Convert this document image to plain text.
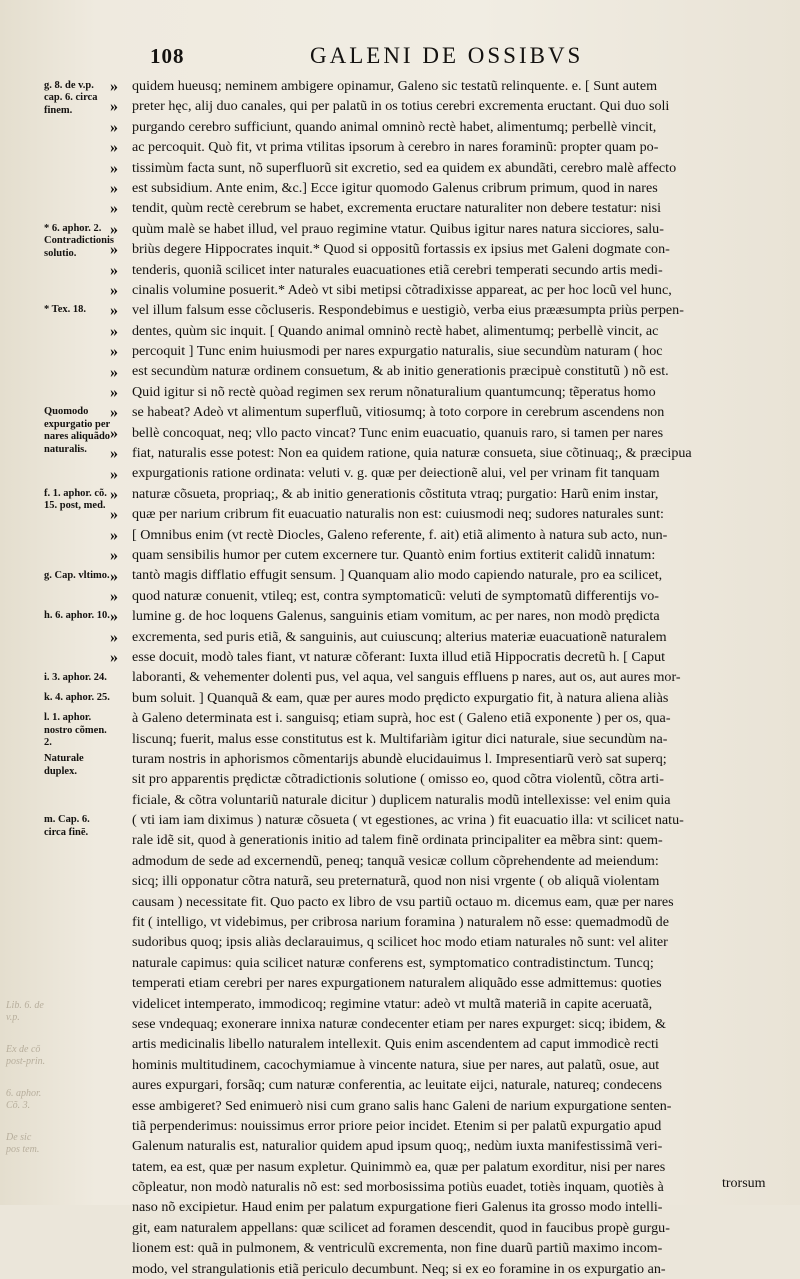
108	GALENI DE OSSIBVS
g. 8. de v.p. cap. 6. circa finem.
* 6. aphor. 2. Contradictionis solutio.
* Tex. 18.
Quomodo expurgatio per nares aliquãdo naturalis.
f. 1. aphor. cõ. 15. post, med.
g. Cap. vltimo.
h. 6. aphor. 10.
i. 3. aphor. 24.
k. 4. aphor. 25.
l. 1. aphor. nostro cõmen. 2.
Naturale duplex.
m. Cap. 6. circa finē.
»
»
»
»
»
»
»
»
»
»
»
»
»
»
»
»
»
»
»
»
»
»
»
»
»
»
»
»
»
quidem hueusq; neminem ambigere opinamur, Galeno sic testatũ relinquente. e. [ Sunt autem
preter hęc, alij duo canales, qui per palatũ in os totius cerebri excrementa eructant. Qui duo soli
purgando cerebro sufficiunt, quando animal omninò rectè habet, alimentumq; perbellè vincit,
ac percoquit. Quò fit, vt prima vtilitas ipsorum à cerebro in nares foraminũ: propter quam po-
tissimùm facta sunt, nõ superfluorũ sit excretio, sed ea quidem ex abundãti, cerebro malè affecto
est subsidium. Ante enim, &c.] Ecce igitur quomodo Galenus cribrum primum, quod in nares
tendit, quùm rectè cerebrum se habet, excrementa eructare naturaliter non debere testatur: nisi
quùm malè se habet illud, vel prauo regimine vtatur. Quibus igitur nares natura sicciores, salu-
briùs degere Hippocrates inquit.* Quod si oppositũ fortassis ex ipsius met Galeni dogmate con-
tenderis, quoniã scilicet inter naturales euacuationes etiã cerebri temperati secundo artis medi-
cinalis volumine posuerit.* Adeò vt sibi metipsi cõtradixisse appareat, ac per hoc locũ vel hunc,
vel illum falsum esse cõcluseris. Respondebimus e uestigiò, verba eius prææsumpta priùs perpen-
dentes, quùm sic inquit. [ Quando animal omninò rectè habet, alimentumq; perbellè vincit, ac
percoquit ] Tunc enim huiusmodi per nares expurgatio naturalis, siue secundùm naturam ( hoc
est secundùm naturæ ordinem consuetum, & ab initio generationis præcipuè constitutũ ) nõ est.
Quid igitur si nõ rectè quòad regimen sex rerum nõnaturalium quantumcunq; tẽperatus homo
se habeat? Adeò vt alimentum superfluũ, vitiosumq; à toto corpore in cerebrum ascendens non
bellè concoquat, neq; vllo pacto vincat? Tunc enim euacuatio, quanuis raro, si tamen per nares
fiat, naturalis esse potest: Non ea quidem ratione, quia naturæ consueta, siue cõtinuaq;, & præcipua
expurgationis ratione ordinata: veluti v. g. quæ per deiectionẽ alui, vel per vrinam fit tanquam
naturæ cõsueta, propriaq;, & ab initio generationis cõstituta vtraq; purgatio: Harũ enim instar,
quæ per narium cribrum fit euacuatio naturalis non est: cuiusmodi neq; sudores naturales sunt:
[ Omnibus enim (vt rectè Diocles, Galeno referente, f. ait) etiã alimento à natura sub acto, nun-
quam sensibilis humor per cutem excernere tur. Quantò enim fortius extiterit calidũ innatum:
tantò magis difflatio effugit sensum. ] Quanquam alio modo capiendo naturale, pro ea scilicet,
quod naturæ conuenit, vtileq; est, contra symptomaticũ: veluti de symptomatũ differentijs vo-
lumine g. de hoc loquens Galenus, sanguinis etiam vomitum, ac per nares, non modò prędicta
excrementa, sed puris etiã, & sanguinis, aut cuiuscunq; alterius materiæ euacuationẽ naturalem
esse docuit, modò tales fiant, vt naturæ cõferant: Iuxta illud etiã Hippocratis decretũ h. [ Caput
laboranti, & vehementer dolenti pus, vel aqua, vel sanguis effluens p nares, aut os, aut aures mor-
bum soluit. ] Quanquã & eam, quæ per aures modo prędicto expurgatio fit, à natura aliena aliàs
à Galeno determinata est i. sanguisq; etiam suprà, hoc est ( Galeno etiã exponente ) per os, qua-
liscunq; fuerit, malus esse constitutus est k. Multifariàm igitur dici naturale, siue secundùm na-
turam nostris in aphorismos cõmentarijs abundè elucidauimus l. Impresentiarũ verò sat superq;
sit pro apparentis prędictæ cõtradictionis solutione ( omisso eo, quod cõtra violentũ, cõtra arti-
ficiale, & cõtra voluntariũ naturale dicitur ) duplicem naturalis modũ intellexisse: vel enim quia
( vti iam iam diximus ) naturæ cõsueta ( vt egestiones, ac vrina ) fit euacuatio illa: vt scilicet natu-
rale idẽ sit, quod à generationis initio ad talem finẽ ordinata principaliter ea mẽbra sint: quem-
admodum de sede ad excernendũ, peneq; tanquã vesicæ collum cõprehendente ad meiendum:
sicq; illi opponatur cõtra naturã, seu preternaturã, quod non nisi vrgente ( ob aliquã violentam
causam ) necessitate fit. Quo pacto ex libro de vsu partiũ octauo m. dicemus eam, quæ per nares
fit ( intelligo, vt videbimus, per cribrosa narium foramina ) naturalem nõ esse: quemadmodũ de
sudoribus quoq; ipsis aliàs declarauimus, q scilicet hoc modo etiam naturales nõ sunt: vel aliter
naturale capimus: quia scilicet naturæ conferens est, symptomatico contradistinctum. Tuncq;
temperati etiam cerebri per nares expurgationem naturalem aliquãdo esse admittemus: quoties
videlicet intemperato, immodicoq; regimine vtatur: adeò vt multã materiã in capite aceruatã,
sese vndequaq; exonerare innixa naturæ condecenter etiam per nares expurget: sicq; ibidem, &
artis medicinalis libello naturalem intellexit. Quis enim ascendentem ad caput immodicè recti
hominis multitudinem, cacochymiamue à vincente natura, siue per nares, aut palatũ, osue, aut
aures expurgari, forsãq; cum naturæ conferentia, ac leuitate eijci, naturale, natureq; condecens
esse ambigeret? Sed enimuerò nisi cum grano salis hanc Galeni de narium expurgatione senten-
tiã perpenderimus: nouissimus error priore peior incidet. Etenim si per palatũ expurgatio apud
Galenum naturalis est, naturalior quidem apud ipsum quoq;, nedùm iuxta manifestissimã veri-
tatem, ea est, quæ per nasum expletur. Quinimmò ea, quæ per palatum exorditur, nisi per nares
cõpleatur, non modò naturalis nõ est: sed morbosissima potiùs euadet, totiès inquam, quotiès à
naso nõ excipietur. Haud enim per palatum expurgatione fieri Galenus ita grosso modo intelli-
git, eam naturalem appellans: quæ scilicet ad foramen descendit, quod in faucibus propè gurgu-
lionem est: quã in pulmonem, & ventriculũ excrementa, non fine duarũ partiũ maximo incom-
modo, vel strangulationis etiã periculo decumbunt. Neq; si ex eo foramine in os expurgatio an-
trorsum
Lib. 6. de v.p.
Ex de cō post-prin.
6. aphor. Cõ. 3.
De sic pos tem.
